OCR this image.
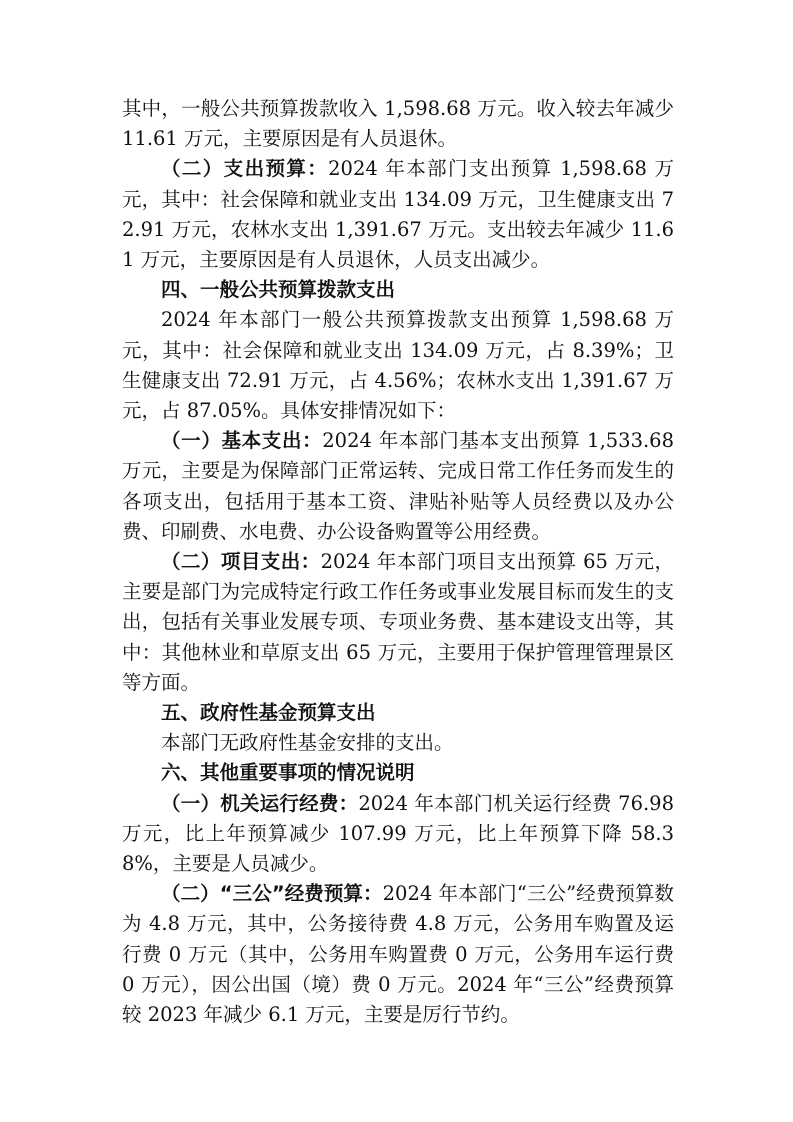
其中，一般公共预算拨款收入 1,598.68 万元。收入较去年减少 11.61 万元，主要原因是有人员退休。

（二）支出预算：2024 年本部门支出预算 1,598.68 万元，其中：社会保障和就业支出 134.09 万元，卫生健康支出 72.91 万元，农林水支出 1,391.67 万元。支出较去年减少 11.61 万元，主要原因是有人员退休，人员支出减少。

四、一般公共预算拨款支出

2024 年本部门一般公共预算拨款支出预算 1,598.68 万元，其中：社会保障和就业支出 134.09 万元，占 8.39%；卫生健康支出 72.91 万元，占 4.56%；农林水支出 1,391.67 万元，占 87.05%。具体安排情况如下：

（一）基本支出：2024 年本部门基本支出预算 1,533.68 万元，主要是为保障部门正常运转、完成日常工作任务而发生的各项支出，包括用于基本工资、津贴补贴等人员经费以及办公费、印刷费、水电费、办公设备购置等公用经费。

（二）项目支出：2024 年本部门项目支出预算 65 万元，主要是部门为完成特定行政工作任务或事业发展目标而发生的支出，包括有关事业发展专项、专项业务费、基本建设支出等，其中：其他林业和草原支出 65 万元，主要用于保护管理管理景区等方面。

五、政府性基金预算支出

本部门无政府性基金安排的支出。

六、其他重要事项的情况说明

（一）机关运行经费：2024 年本部门机关运行经费 76.98 万元，比上年预算减少 107.99 万元，比上年预算下降 58.38%，主要是人员减少。

（二）“三公”经费预算：2024 年本部门“三公”经费预算数为 4.8 万元，其中，公务接待费 4.8 万元，公务用车购置及运行费 0 万元（其中，公务用车购置费 0 万元，公务用车运行费 0 万元），因公出国（境）费 0 万元。2024 年“三公”经费预算较 2023 年减少 6.1 万元，主要是厉行节约。
